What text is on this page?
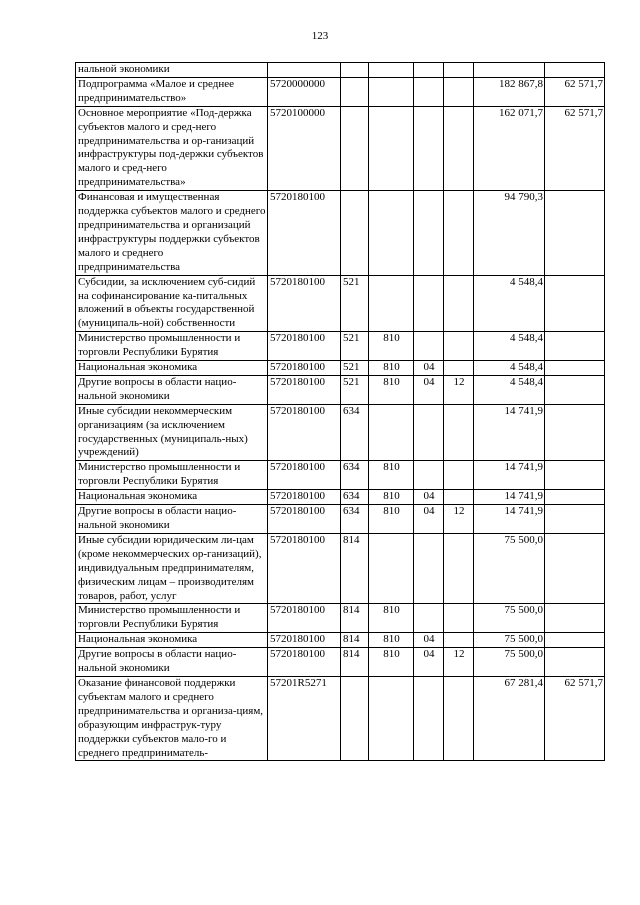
123
нальной экономики							
Подпрограмма «Малое и среднее предпринимательство»	5720000000					182 867,8	62 571,7
Основное мероприятие «Под-держка субъектов малого и сред-него предпринимательства и ор-ганизаций инфраструктуры под-держки субъектов малого и сред-него предпринимательства»	5720100000					162 071,7	62 571,7
Финансовая и имущественная поддержка субъектов малого и среднего предпринимательства и организаций инфраструктуры поддержки субъектов малого и среднего предпринимательства	5720180100					94 790,3	
Субсидии, за исключением суб-сидий на софинансирование ка-питальных вложений в объекты государственной (муниципаль-ной) собственности	5720180100	521				4 548,4	
Министерство промышленности и торговли Республики Бурятия	5720180100	521	810			4 548,4	
Национальная экономика	5720180100	521	810	04		4 548,4	
Другие вопросы в области нацио-нальной экономики	5720180100	521	810	04	12	4 548,4	
Иные субсидии некоммерческим организациям (за исключением государственных (муниципаль-ных) учреждений)	5720180100	634				14 741,9	
Министерство промышленности и торговли Республики Бурятия	5720180100	634	810			14 741,9	
Национальная экономика	5720180100	634	810	04		14 741,9	
Другие вопросы в области нацио-нальной экономики	5720180100	634	810	04	12	14 741,9	
Иные субсидии юридическим ли-цам (кроме некоммерческих ор-ганизаций), индивидуальным предпринимателям, физическим лицам – производителям товаров, работ, услуг	5720180100	814				75 500,0	
Министерство промышленности и торговли Республики Бурятия	5720180100	814	810			75 500,0	
Национальная экономика	5720180100	814	810	04		75 500,0	
Другие вопросы в области нацио-нальной экономики	5720180100	814	810	04	12	75 500,0	
Оказание финансовой поддержки субъектам малого и среднего предпринимательства и организа-циям, образующим инфраструк-туру поддержки субъектов мало-го и среднего предприниматель-	57201R5271					67 281,4	62 571,7
